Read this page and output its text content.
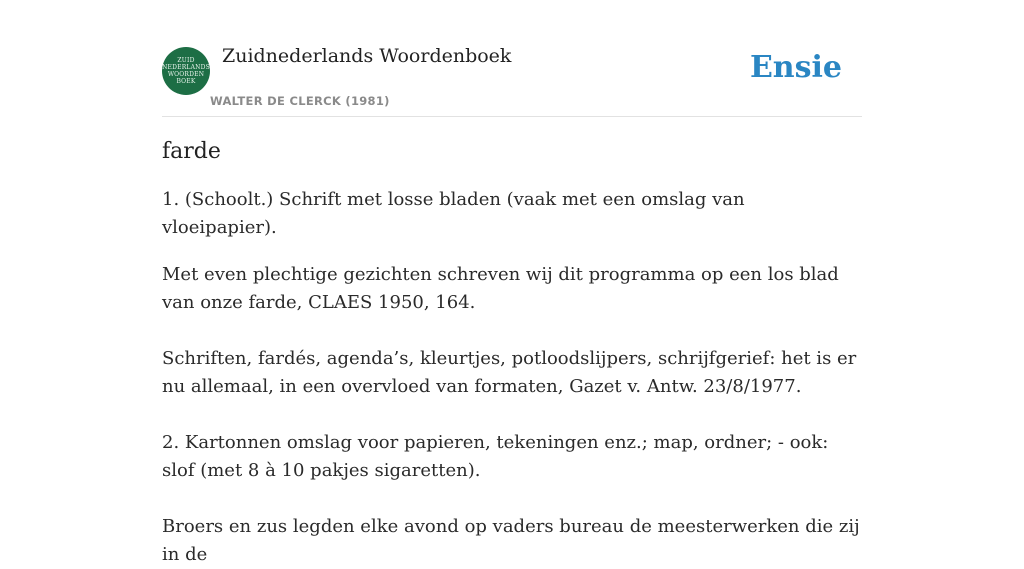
ZUID
NEDERLANDS
WOORDEN
BOEK
Zuidnederlands Woordenboek
WALTER DE CLERCK (1981)
Ensie
farde

1. (Schoolt.) Schrift met losse bladen (vaak met een omslag van vloeipapier).

Met even plechtige gezichten schreven wij dit programma op een los blad van onze farde, CLAES 1950, 164.

Schriften, fardés, agenda’s, kleurtjes, potloodslijpers, schrijfgerief: het is er nu allemaal, in een overvloed van formaten, Gazet v. Antw. 23/8/1977.

2. Kartonnen omslag voor papieren, tekeningen enz.; map, ordner; - ook: slof (met 8 à 10 pakjes sigaretten).

Broers en zus legden elke avond op vaders bureau de meesterwerken die zij in de
